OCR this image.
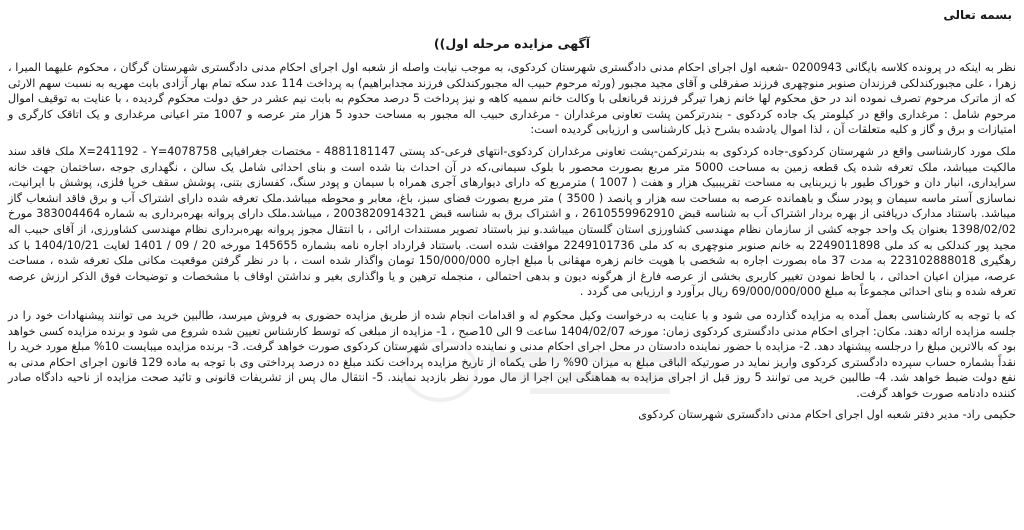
بسمه تعالی
آگهی مزایده مرحله اول))

نظر به اینکه در پرونده کلاسه بایگانی 0200943 -شعبه اول اجرای احکام مدنی دادگستری شهرستان کردکوی، به موجب نیابت واصله از شعبه اول اجرای احکام مدنی دادگستری شهرستان گرگان ، محکوم علیهما المیرا ، زهرا ، علی مجبورکندلکی فرزندان صنوبر منوچهری فرزند صفرقلی و آقای مجید مجبور (ورثه مرحوم حبیب اله مجبورکندلکی فرزند مجدابراهیم) به پرداخت 114 عدد سکه تمام بهار آزادی بابت مهریه به نسبت سهم الارثی که از ماترک مرحوم تصرف نموده اند در حق محکوم لها خانم زهرا تیرگر فرزند قربانعلی با وکالت خانم سمیه کاهه و نیز پرداخت 5 درصد محکوم به بابت نیم عشر در حق دولت محکوم گردیده ، با عنایت به توقیف اموال مرحوم شامل : مرغداری واقع در کیلومتر یک جاده کردکوی - بندرترکمن پشت تعاونی مرغداران - مرغداری حبیب اله مجبور به مساحت حدود 5 هزار متر عرصه و 1007 متر اعیانی مرغداری و یک اتاقک کارگری و امتیازات و برق و گاز و کلیه متعلقات آن ، لذا اموال یادشده بشرح ذیل کارشناسی و ارزیابی گردیده است:

ملک مورد کارشناسی واقع در شهرستان کردکوی-جاده کردکوی به بندرترکمن-پشت تعاونی مرغداران کردکوی-انتهای فرعی-کد پستی 4881181147 - مختصات جغرافیایی X=241192 - Y=4078758 ملک فاقد سند مالکیت میباشد، ملک تعرفه شده یک قطعه زمین به مساحت 5000 متر مربع بصورت محصور با بلوک سیمانی،که در آن احداث بنا شده است و بنای احداثی شامل یک سالن ، نگهداری جوجه ،ساختمان جهت خانه سرایداری، انبار دان و خوراک طیور با زیربنایی به مساحت تقریببیک هزار و هفت ( 1007 ) مترمربع که دارای دیوارهای آجری همراه با سیمان و پودر سنگ، کفسازی بتنی، پوشش سقف خرپا فلزی، پوشش با ایرانیت، نماسازی آستر ماسه سیمان و پودر سنگ و باهمانده عرصه به مساحت سه هزار و پانصد ( 3500 ) متر مربع بصورت فضای سبز، باغ، معابر و محوطه میباشد.ملک تعرفه شده دارای اشتراک آب و برق فاقد انشعاب گاز میباشد. باستناد مدارک دریافتی از بهره بردار اشتراک آب به شناسه قبض 2610559962910 ، و اشتراک برق به شناسه قبض 2003820914321 ، میباشد.ملک دارای پروانه بهره‌برداری به شماره 383004464 مورخ 1398/02/02 بعنوان یک واحد جوجه کشی از سازمان نظام مهندسی کشاورزی استان گلستان میباشد.و نیز باستناد تصویر مستندات ارائی ، با انتقال مجوز پروانه بهره‌برداری نظام مهندسی کشاورزی، از آقای حبیب اله مجید پور کندلکی به کد ملی 2249011898 به خانم صنوبر منوچهری به کد ملی 2249101736 موافقت شده است. باستناد قرارداد اجاره نامه بشماره 145655 مورخه 20 / 09 / 1401 لغایت 1404/10/21 با کد رهگیری 223102888018 به مدت 37 ماه بصورت اجاره به شخصی با هویت خانم زهره مهقانی با مبلغ اجاره 150/000/000 تومان واگذار شده است ، با در نظر گرفتن موقعیت مکانی ملک تعرفه شده ، مساحت عرصه، میزان اعیان احداثی ، با لحاظ نمودن تغییر کاربری بخشی از عرصه فارغ از هرگونه دیون و بدهی احتمالی ، منجمله ترهین و یا واگذاری بغیر و نداشتن اوقاف با مشخصات و توضیحات فوق الذکر ارزش عرصه تعرفه شده و بنای احداثی مجموعاً به مبلغ 69/000/000/000 ریال برآورد و ارزیابی می گردد .

که با توجه به کارشناسی بعمل آمده به مزایده گذارده می شود و با عنایت به درخواست وکیل محکوم له و اقدامات انجام شده از طریق مزایده حضوری به فروش میرسد، طالبین خرید می توانند پیشنهادات خود را در جلسه مزایده ارائه دهند. مکان: اجرای احکام مدنی دادگستری کردکوی زمان: مورخه 1404/02/07 ساعت 9 الی 10صبح ، 1- مزایده از مبلغی که توسط کارشناس تعیین شده شروع می شود و برنده مزایده کسی خواهد بود که بالاترین مبلغ را درجلسه پیشنهاد دهد. 2- مزایده با حضور نماینده دادستان در محل اجرای احکام مدنی و نماینده دادسرای شهرستان کردکوی صورت خواهد گرفت. 3- برنده مزایده میبایست 10% مبلغ مورد خرید را نقداً بشماره حساب سپرده دادگستری کردکوی واریز نماید در صورتیکه الباقی مبلغ به میزان 90% را طی یکماه از تاریخ مزایده پرداخت نکند مبلغ ده درصد پرداختی وی با توجه به ماده 129 قانون اجرای احکام مدنی به نفع دولت ضبط خواهد شد. 4- طالبین خرید می توانند 5 روز قبل از اجرای مزایده به هماهنگی این اجرا از مال مورد نظر بازدید نمایند. 5- انتقال مال پس از تشریفات قانونی و تائید صحت مزایده از ناحیه دادگاه صادر کننده دادنامه صورت خواهد گرفت.

حکیمی راد- مدیر دفتر شعبه اول اجرای احکام مدنی دادگستری شهرستان کردکوی
